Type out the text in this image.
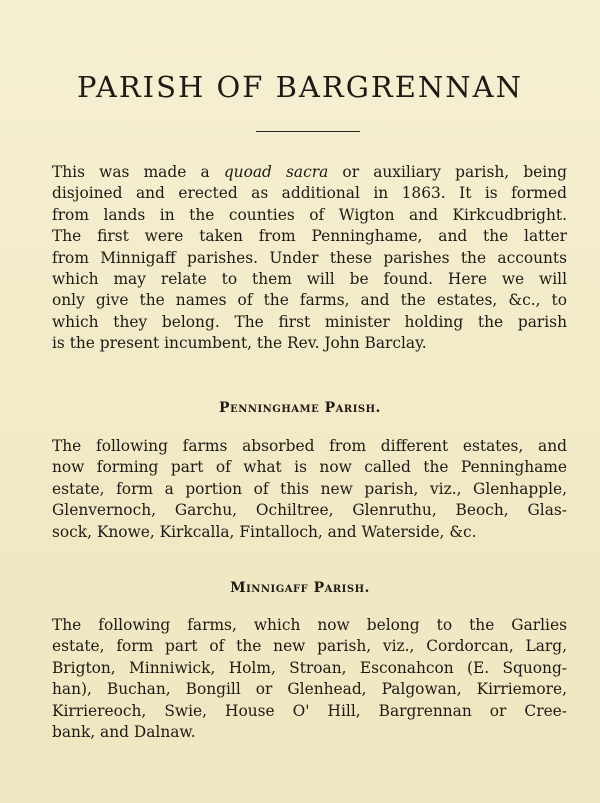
PARISH OF BARGRENNAN

This was made a quoad sacra or auxiliary parish, being
disjoined and erected as additional in 1863. It is formed
from lands in the counties of Wigton and Kirkcudbright.
The first were taken from Penninghame, and the latter
from Minnigaff parishes. Under these parishes the accounts
which may relate to them will be found. Here we will
only give the names of the farms, and the estates, &c., to
which they belong. The first minister holding the parish
is the present incumbent, the Rev. John Barclay.

Penninghame Parish.

The following farms absorbed from different estates, and
now forming part of what is now called the Penninghame
estate, form a portion of this new parish, viz., Glenhapple,
Glenvernoch, Garchu, Ochiltree, Glenruthu, Beoch, Glas-
sock, Knowe, Kirkcalla, Fintalloch, and Waterside, &c.

Minnigaff Parish.

The following farms, which now belong to the Garlies
estate, form part of the new parish, viz., Cordorcan, Larg,
Brigton, Minniwick, Holm, Stroan, Esconahcon (E. Squong-
han), Buchan, Bongill or Glenhead, Palgowan, Kirriemore,
Kirriereoch, Swie, House O' Hill, Bargrennan or Cree-
bank, and Dalnaw.
